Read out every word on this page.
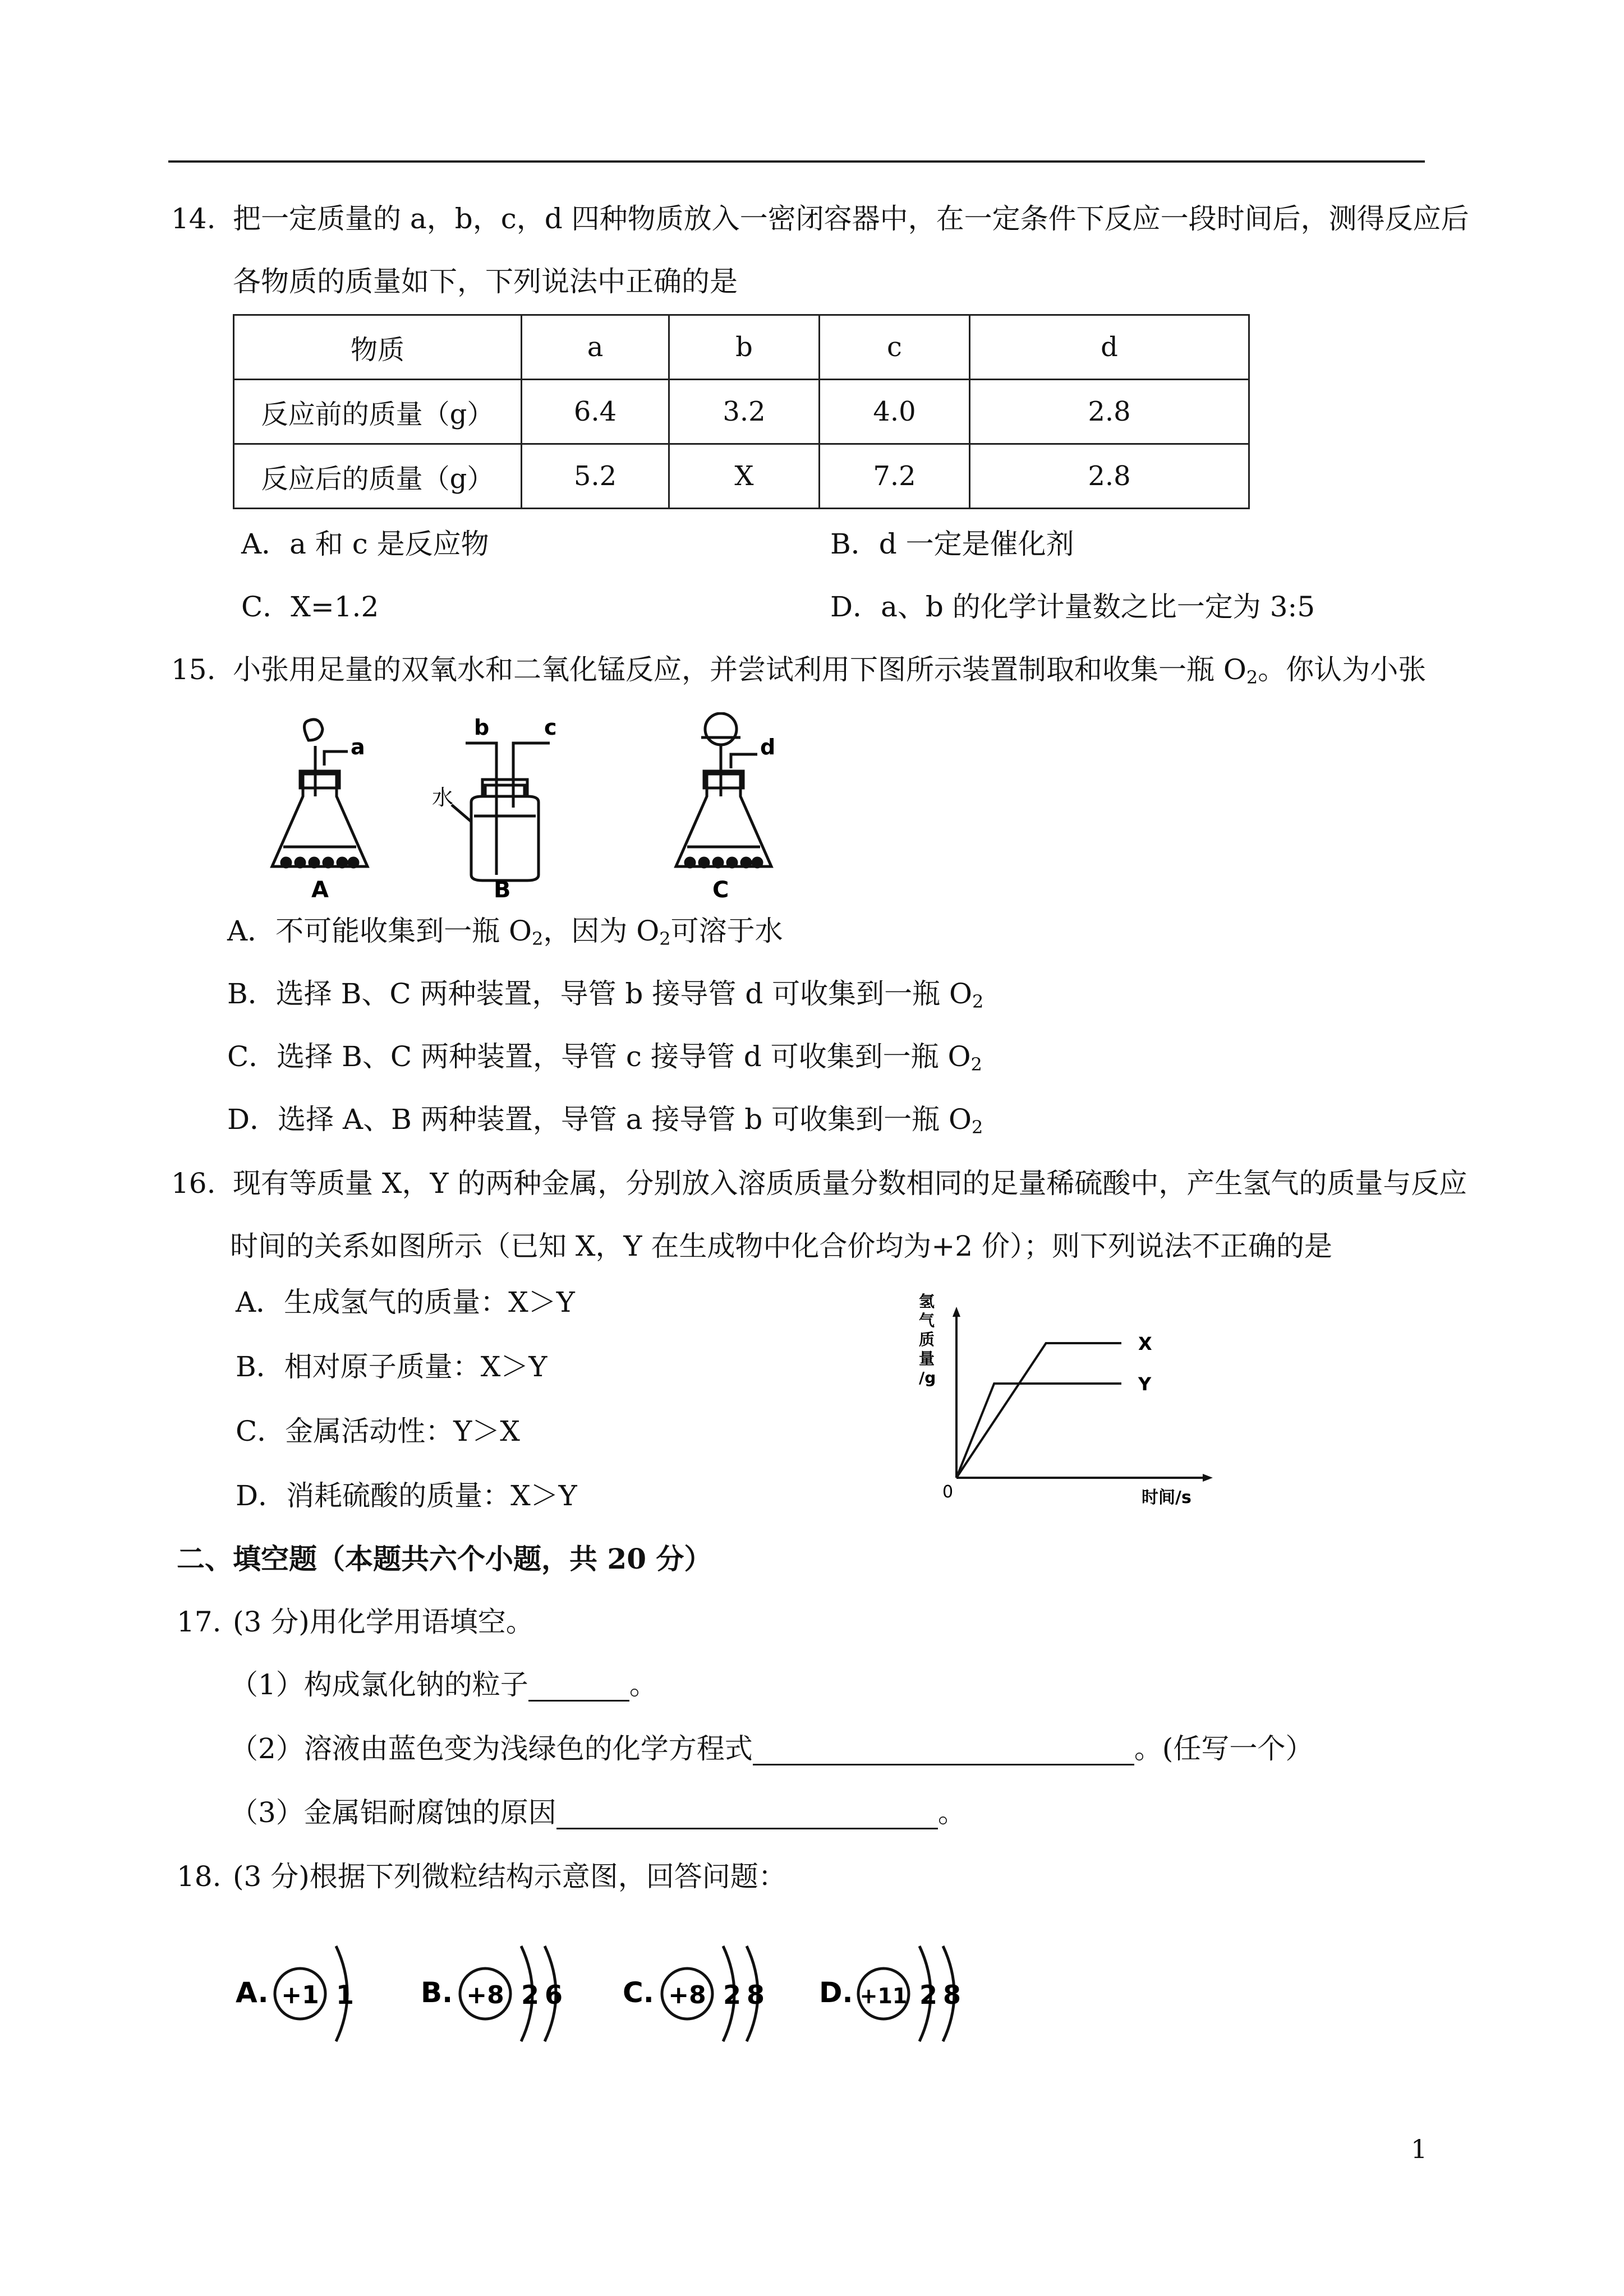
14. 把一定质量的 a，b，c，d 四种物质放入一密闭容器中，在一定条件下反应一段时间后，测得反应后
各物质的质量如下，下列说法中正确的是
物质	a	b	c	d
反应前的质量（g）	6.4	3.2	4.0	2.8
反应后的质量（g）	5.2	X	7.2	2.8
A．a 和 c 是反应物	B．d 一定是催化剂
C．X=1.2	D．a、b 的化学计量数之比一定为 3:5
15. 小张用足量的双氧水和二氧化锰反应，并尝试利用下图所示装置制取和收集一瓶 $O_2$。你认为小张
a
A
b	c
水
B
d
C
A．不可能收集到一瓶 $O_2$，因为 $O_2$可溶于水
B．选择 B、C 两种装置，导管 b 接导管 d 可收集到一瓶 $O_2$
C．选择 B、C 两种装置，导管 c 接导管 d 可收集到一瓶 $O_2$
D．选择 A、B 两种装置，导管 a 接导管 b 可收集到一瓶 $O_2$
16. 现有等质量 X，Y 的两种金属，分别放入溶质质量分数相同的足量稀硫酸中，产生氢气的质量与反应
时间的关系如图所示（已知 X，Y 在生成物中化合价均为+2 价）；则下列说法不正确的是
A．生成氢气的质量：X＞Y
B．相对原子质量：X＞Y
C．金属活动性：Y＞X
D．消耗硫酸的质量：X＞Y
氢
气
质
量
/g
0	时间/s
X
Y
二、填空题（本题共六个小题，共 20 分）
17. (3 分)用化学用语填空。
（1）构成氯化钠的粒子	。
（2）溶液由蓝色变为浅绿色的化学方程式	。(任写一个）
（3）金属铝耐腐蚀的原因	。
18. (3 分)根据下列微粒结构示意图，回答问题：
A. +1 1 B. +8 2 6 C. +8 2 8 D. +11 2 8
1
